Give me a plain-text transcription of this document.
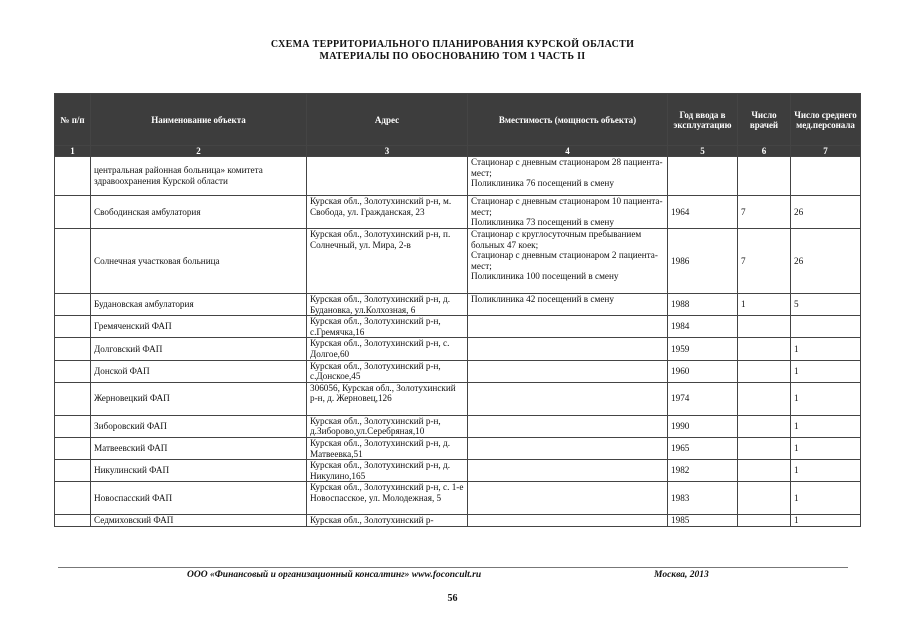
СХЕМА ТЕРРИТОРИАЛЬНОГО ПЛАНИРОВАНИЯ КУРСКОЙ ОБЛАСТИ
МАТЕРИАЛЫ ПО ОБОСНОВАНИЮ ТОМ 1 ЧАСТЬ II
№ п/п	Наименование объекта	Адрес	Вместимость (мощность объекта)	Год ввода в эксплуатацию	Число врачей	Число среднего мед.персонала
1	2	3	4	5	6	7
	центральная районная больница» комитета здравоохранения Курской области		Стационар с дневным стационаром 28 пациента-мест;
Поликлиника 76 посещений в смену			
	Свободинская амбулатория	Курская обл., Золотухинский р-н, м. Свобода, ул. Гражданская, 23	Стационар с дневным стационаром 10 пациента-мест;
Поликлиника 73 посещений в смену	1964	7	26
	Солнечная участковая больница	Курская обл., Золотухинский р-н, п. Солнечный, ул. Мира, 2-в	Стационар с круглосуточным пребыванием больных 47 коек;
Стационар с дневным стационаром 2 пациента-мест;
Поликлиника 100 посещений в смену	1986	7	26
	Будановская амбулатория	Курская обл., Золотухинский р-н, д. Будановка, ул.Колхозная, 6	Поликлиника 42 посещений в смену	1988	1	5
	Гремяченский ФАП	Курская обл., Золотухинский р-н, с.Гремячка,16		1984		
	Долговский ФАП	Курская обл., Золотухинский р-н, с. Долгое,60		1959		1
	Донской ФАП	Курская обл., Золотухинский р-н, с.Донское,45		1960		1
	Жерновецкий ФАП	306056, Курская обл., Золотухинский р-н, д. Жерновец,126		1974		1
	Зиборовский ФАП	Курская обл., Золотухинский р-н, д.Зиборово,ул.Серебряная,10		1990		1
	Матвеевский ФАП	Курская обл., Золотухинский р-н, д. Матвеевка,51		1965		1
	Никулинский ФАП	Курская обл., Золотухинский р-н, д. Никулино,165		1982		1
	Новоспасский ФАП	Курская обл., Золотухинский р-н, с. 1-е Новоспасское, ул. Молодежная, 5		1983		1
	Седмиховский ФАП	Курская обл., Золотухинский р-		1985		1
ООО «Финансовый и организационный консалтинг» www.foconcult.ru	Москва, 2013
56
